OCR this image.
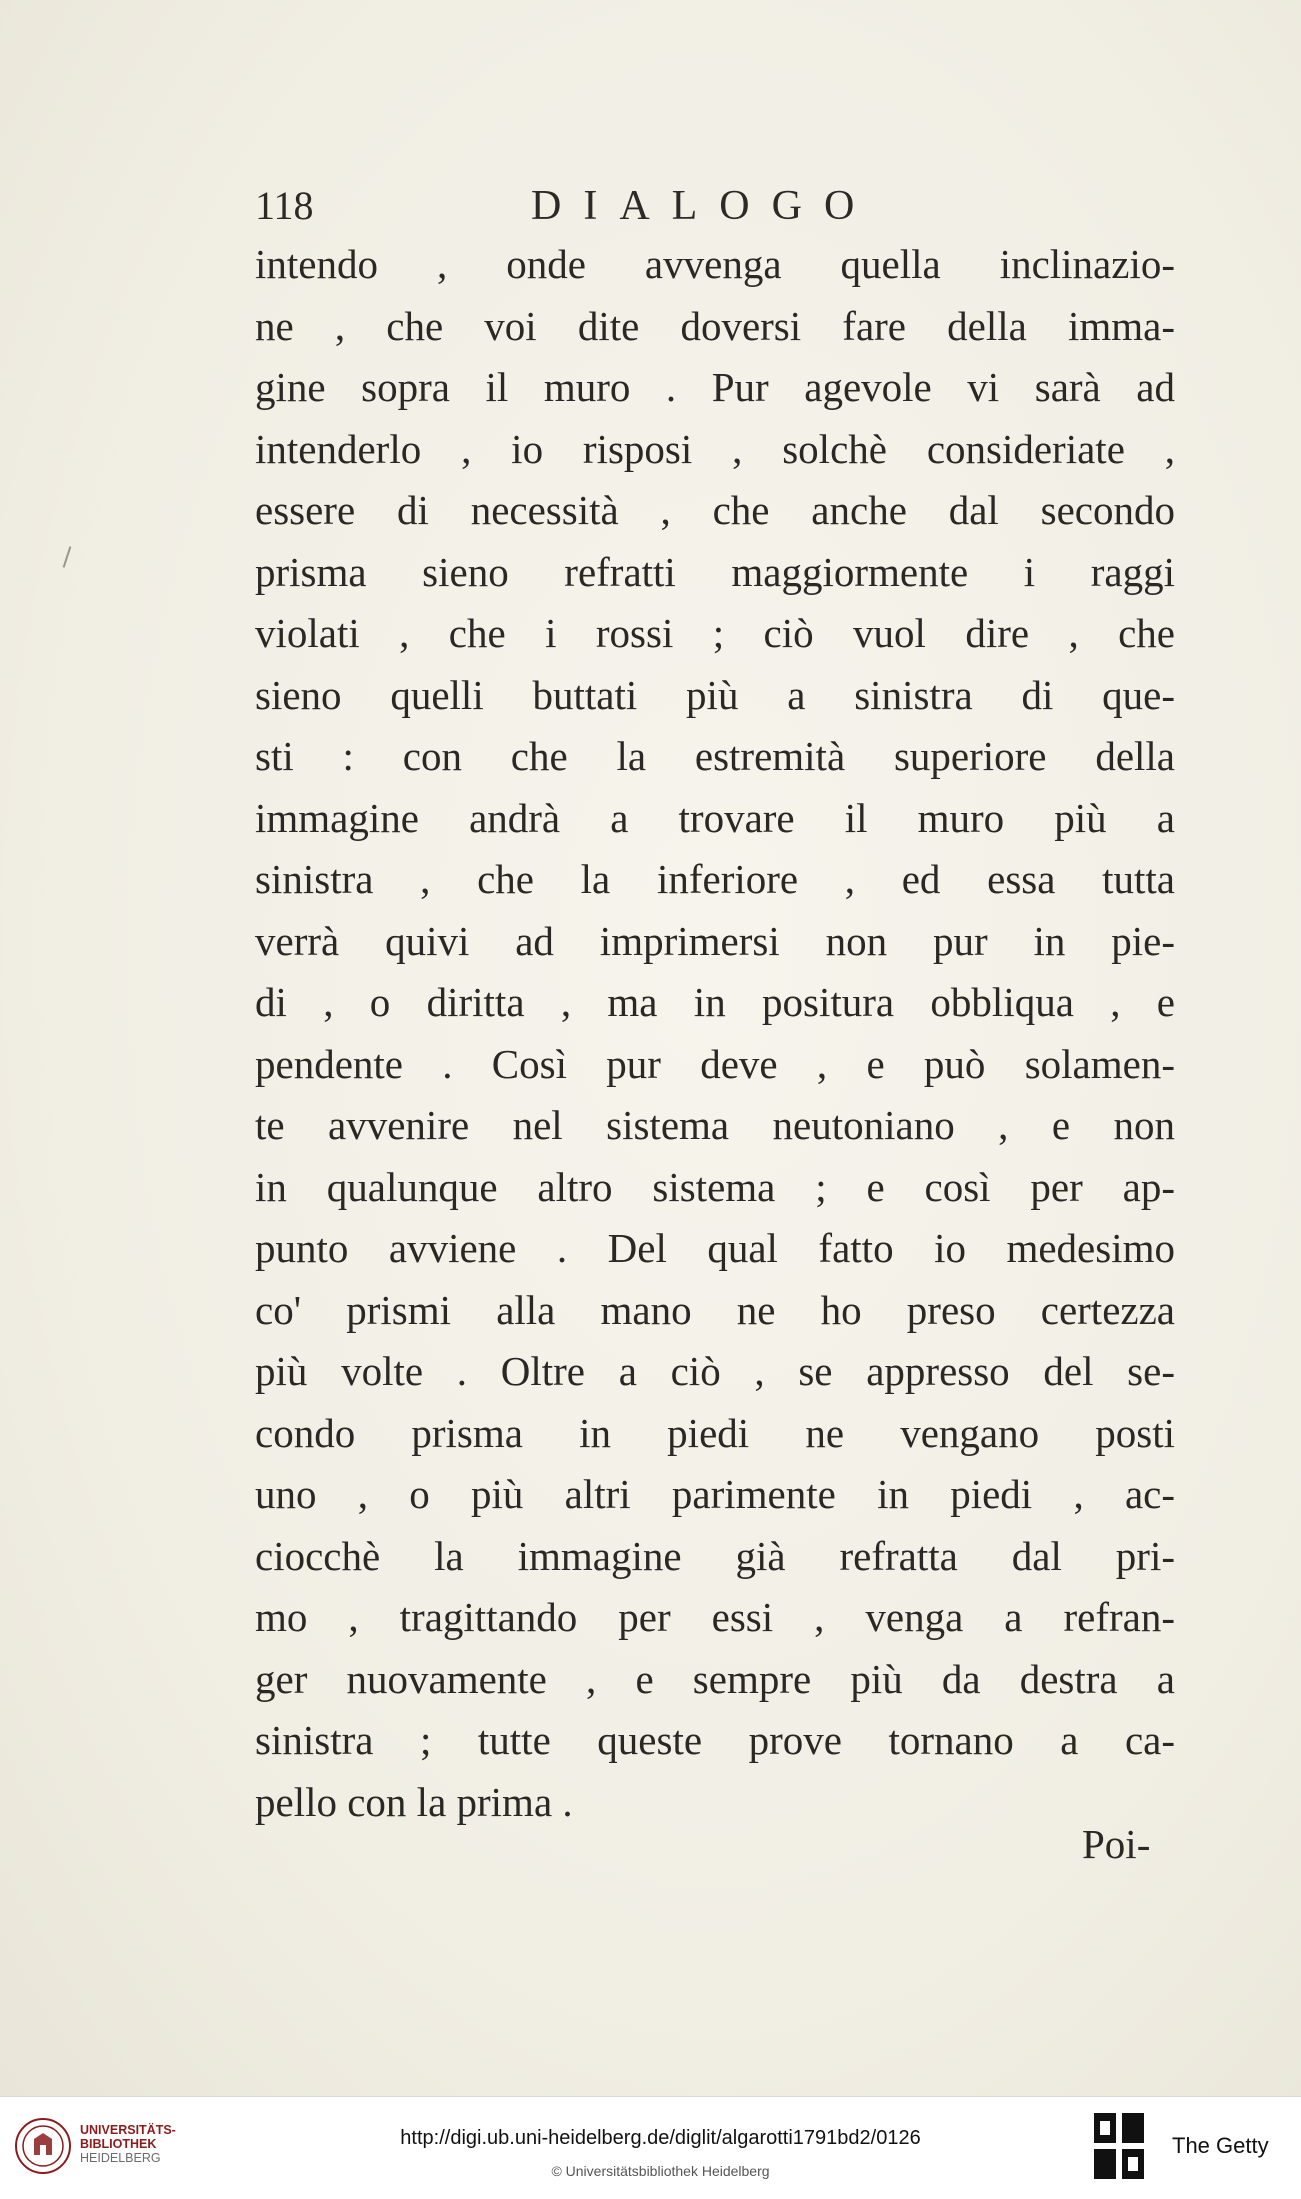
118	DIALOGO
intendo , onde avvenga quella inclinazio-
ne , che voi dite doversi fare della imma-
gine sopra il muro . Pur agevole vi sarà ad
intenderlo , io risposi , solchè consideriate ,
essere di necessità , che anche dal secondo
prisma sieno refratti maggiormente i raggi
violati , che i rossi ; ciò vuol dire , che
sieno quelli buttati più a sinistra di que-
sti : con che la estremità superiore della
immagine andrà a trovare il muro più a
sinistra , che la inferiore , ed essa tutta
verrà quivi ad imprimersi non pur in pie-
di , o diritta , ma in positura obbliqua , e
pendente . Così pur deve , e può solamen-
te avvenire nel sistema neutoniano , e non
in qualunque altro sistema ; e così per ap-
punto avviene . Del qual fatto io medesimo
co' prismi alla mano ne ho preso certezza
più volte . Oltre a ciò , se appresso del se-
condo prisma in piedi ne vengano posti
uno , o più altri parimente in piedi , ac-
ciocchè la immagine già refratta dal pri-
mo , tragittando per essi , venga a refran-
ger nuovamente , e sempre più da destra a
sinistra ; tutte queste prove tornano a ca-
pello con la prima .
Poi-
UNIVERSITÄTS-
BIBLIOTHEK
HEIDELBERG
http://digi.ub.uni-heidelberg.de/diglit/algarotti1791bd2/0126
© Universitätsbibliothek Heidelberg
The Getty
